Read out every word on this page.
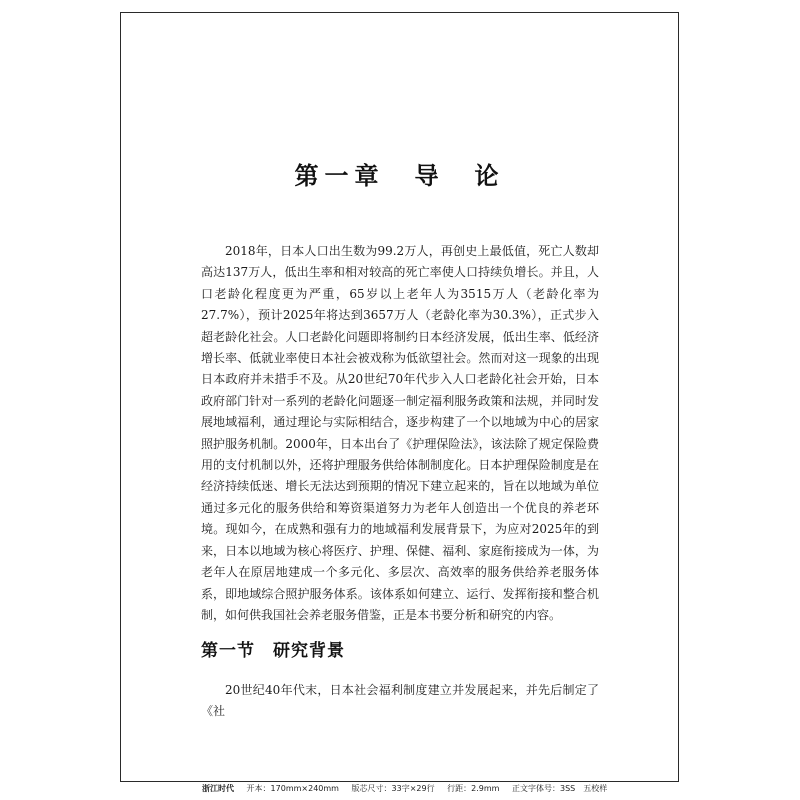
第一章　导　论

2018年，日本人口出生数为99.2万人，再创史上最低值，死亡人数却高达137万人，低出生率和相对较高的死亡率使人口持续负增长。并且，人口老龄化程度更为严重，65岁以上老年人为3515万人（老龄化率为27.7%），预计2025年将达到3657万人（老龄化率为30.3%），正式步入超老龄化社会。人口老龄化问题即将制约日本经济发展，低出生率、低经济增长率、低就业率使日本社会被戏称为低欲望社会。然而对这一现象的出现日本政府并未措手不及。从20世纪70年代步入人口老龄化社会开始，日本政府部门针对一系列的老龄化问题逐一制定福利服务政策和法规，并同时发展地域福利，通过理论与实际相结合，逐步构建了一个以地域为中心的居家照护服务机制。2000年，日本出台了《护理保险法》，该法除了规定保险费用的支付机制以外，还将护理服务供给体制制度化。日本护理保险制度是在经济持续低迷、增长无法达到预期的情况下建立起来的，旨在以地域为单位通过多元化的服务供给和筹资渠道努力为老年人创造出一个优良的养老环境。现如今，在成熟和强有力的地域福利发展背景下，为应对2025年的到来，日本以地域为核心将医疗、护理、保健、福利、家庭衔接成为一体，为老年人在原居地建成一个多元化、多层次、高效率的服务供给养老服务体系，即地域综合照护服务体系。该体系如何建立、运行、发挥衔接和整合机制，如何供我国社会养老服务借鉴，正是本书要分析和研究的内容。

第一节　研究背景

20世纪40年代末，日本社会福利制度建立并发展起来，并先后制定了《社

浙江时代 开本：170mm×240mm 版芯尺寸：33字×29行 行距：2.9mm 正文字体号：3SS　五校样
